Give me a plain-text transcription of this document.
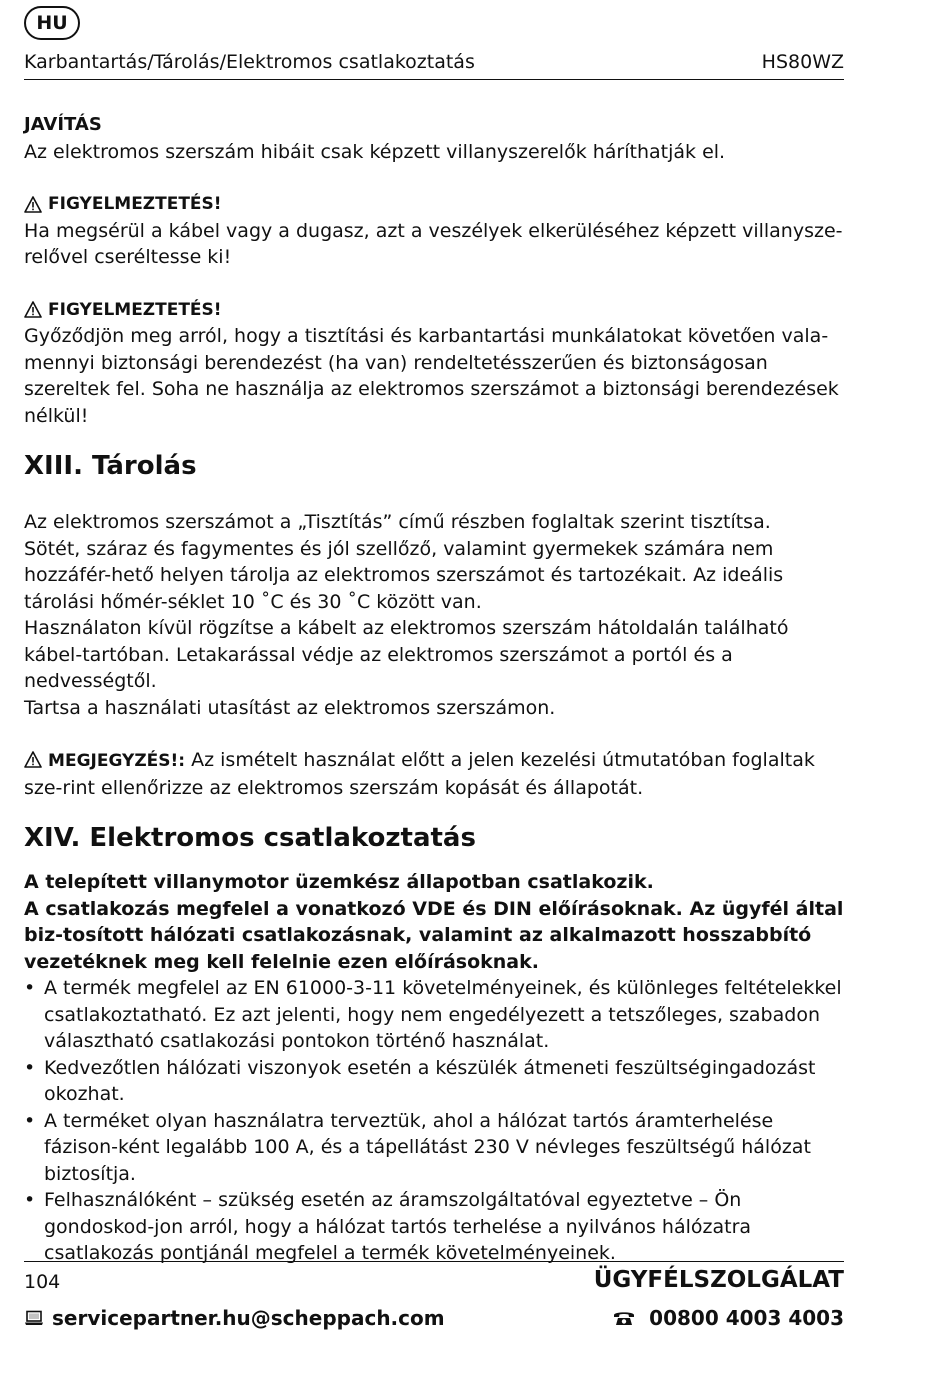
HU
Karbantartás/Tárolás/Elektromos csatlakoztatás	HS80WZ

JAVÍTÁS

Az elektromos szerszám hibáit csak képzett villanyszerelők háríthatják el.

FIGYELMEZTETÉS!

Ha megsérül a kábel vagy a dugasz, azt a veszélyek elkerüléséhez képzett villanysze-relővel cseréltesse ki!

FIGYELMEZTETÉS!

Győződjön meg arról, hogy a tisztítási és karbantartási munkálatokat követően vala-mennyi biztonsági berendezést (ha van) rendeltetésszerűen és biztonságosan szereltek fel. Soha ne használja az elektromos szerszámot a biztonsági berendezések nélkül!

XIII. Tárolás

Az elektromos szerszámot a „Tisztítás” című részben foglaltak szerint tisztítsa.

Sötét, száraz és fagymentes és jól szellőző, valamint gyermekek számára nem hozzáfér-hető helyen tárolja az elektromos szerszámot és tartozékait. Az ideális tárolási hőmér-séklet 10 ˚C és 30 ˚C között van.

Használaton kívül rögzítse a kábelt az elektromos szerszám hátoldalán található kábel-tartóban. Letakarással védje az elektromos szerszámot a portól és a nedvességtől.

Tartsa a használati utasítást az elektromos szerszámon.

MEGJEGYZÉS!: Az ismételt használat előtt a jelen kezelési útmutatóban foglaltak sze-rint ellenőrizze az elektromos szerszám kopását és állapotát.

XIV. Elektromos csatlakoztatás

A telepített villanymotor üzemkész állapotban csatlakozik.

A csatlakozás megfelel a vonatkozó VDE és DIN előírásoknak. Az ügyfél által biz-tosított hálózati csatlakozásnak, valamint az alkalmazott hosszabbító vezetéknek meg kell felelnie ezen előírásoknak.

• A termék megfelel az EN 61000-3-11 követelményeinek, és különleges feltételekkel csatlakoztatható. Ez azt jelenti, hogy nem engedélyezett a tetszőleges, szabadon választható csatlakozási pontokon történő használat.
• Kedvezőtlen hálózati viszonyok esetén a készülék átmeneti feszültségingadozást okozhat.
• A terméket olyan használatra terveztük, ahol a hálózat tartós áramterhelése fázison-ként legalább 100 A, és a tápellátást 230 V névleges feszültségű hálózat biztosítja.
• Felhasználóként – szükség esetén az áramszolgáltatóval egyeztetve – Ön gondoskod-jon arról, hogy a hálózat tartós terhelése a nyilvános hálózatra csatlakozás pontjánál megfelel a termék követelményeinek.
104	ÜGYFÉLSZOLGÁLAT
servicepartner.hu@scheppach.com	00800 4003 4003
